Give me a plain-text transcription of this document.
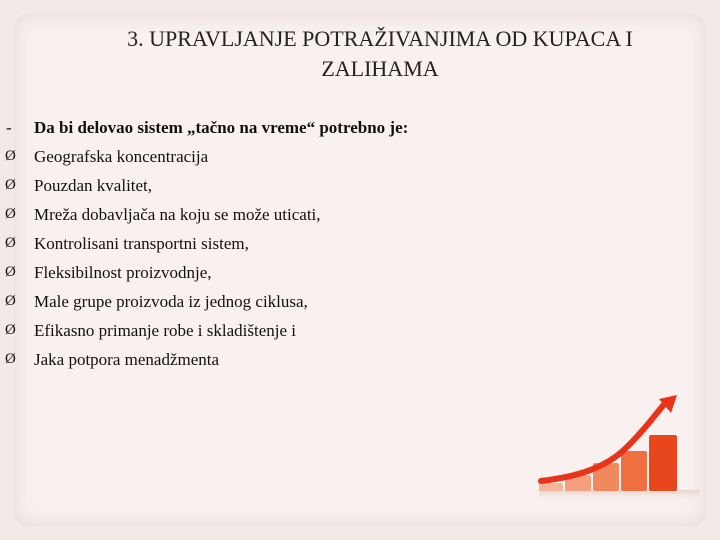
3. UPRAVLJANJE POTRAŽIVANJIMA OD KUPACA I
ZALIHAMA
-	Da bi delovao sistem „tačno na vreme“ potrebno je:
Ø	Geografska koncentracija
Ø	Pouzdan kvalitet,
Ø	Mreža dobavljača na koju se može uticati,
Ø	Kontrolisani transportni sistem,
Ø	Fleksibilnost proizvodnje,
Ø	Male grupe proizvoda iz jednog ciklusa,
Ø	Efikasno primanje robe i skladištenje i
Ø	Jaka potpora menadžmenta
